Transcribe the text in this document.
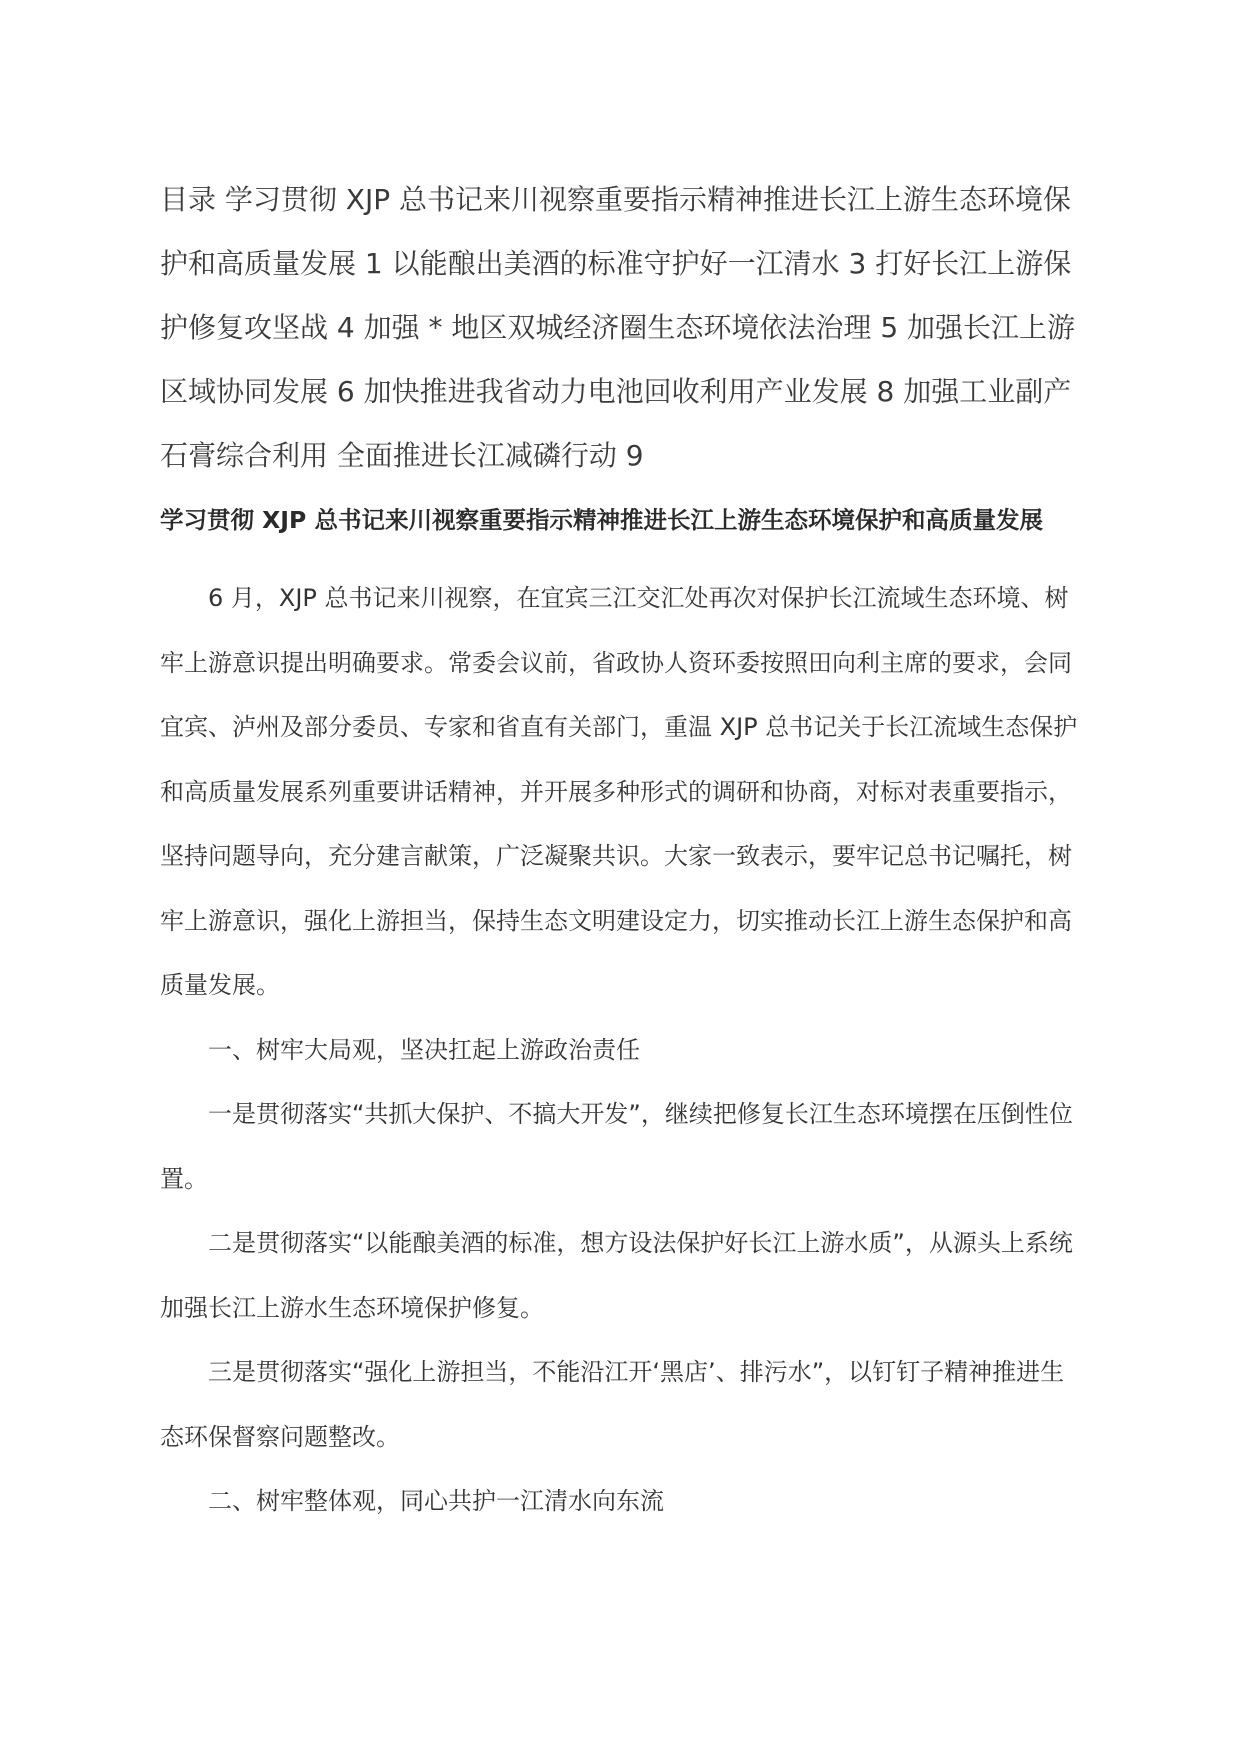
目录 学习贯彻 XJP 总书记来川视察重要指示精神推进长江上游生态环境保护和高质量发展 1 以能酿出美酒的标准守护好一江清水 3 打好长江上游保护修复攻坚战 4 加强 * 地区双城经济圈生态环境依法治理 5 加强长江上游区域协同发展 6 加快推进我省动力电池回收利用产业发展 8 加强工业副产石膏综合利用 全面推进长江减磷行动 9
学习贯彻 XJP 总书记来川视察重要指示精神推进长江上游生态环境保护和高质量发展

6 月，XJP 总书记来川视察，在宜宾三江交汇处再次对保护长江流域生态环境、树牢上游意识提出明确要求。常委会议前，省政协人资环委按照田向利主席的要求，会同宜宾、泸州及部分委员、专家和省直有关部门，重温 XJP 总书记关于长江流域生态保护和高质量发展系列重要讲话精神，并开展多种形式的调研和协商，对标对表重要指示，坚持问题导向，充分建言献策，广泛凝聚共识。大家一致表示，要牢记总书记嘱托，树牢上游意识，强化上游担当，保持生态文明建设定力，切实推动长江上游生态保护和高质量发展。

一、树牢大局观，坚决扛起上游政治责任

一是贯彻落实“共抓大保护、不搞大开发”，继续把修复长江生态环境摆在压倒性位置。

二是贯彻落实“以能酿美酒的标准，想方设法保护好长江上游水质”，从源头上系统加强长江上游水生态环境保护修复。

三是贯彻落实“强化上游担当，不能沿江开‘黑店’、排污水”，以钉钉子精神推进生态环保督察问题整改。

二、树牢整体观，同心共护一江清水向东流
